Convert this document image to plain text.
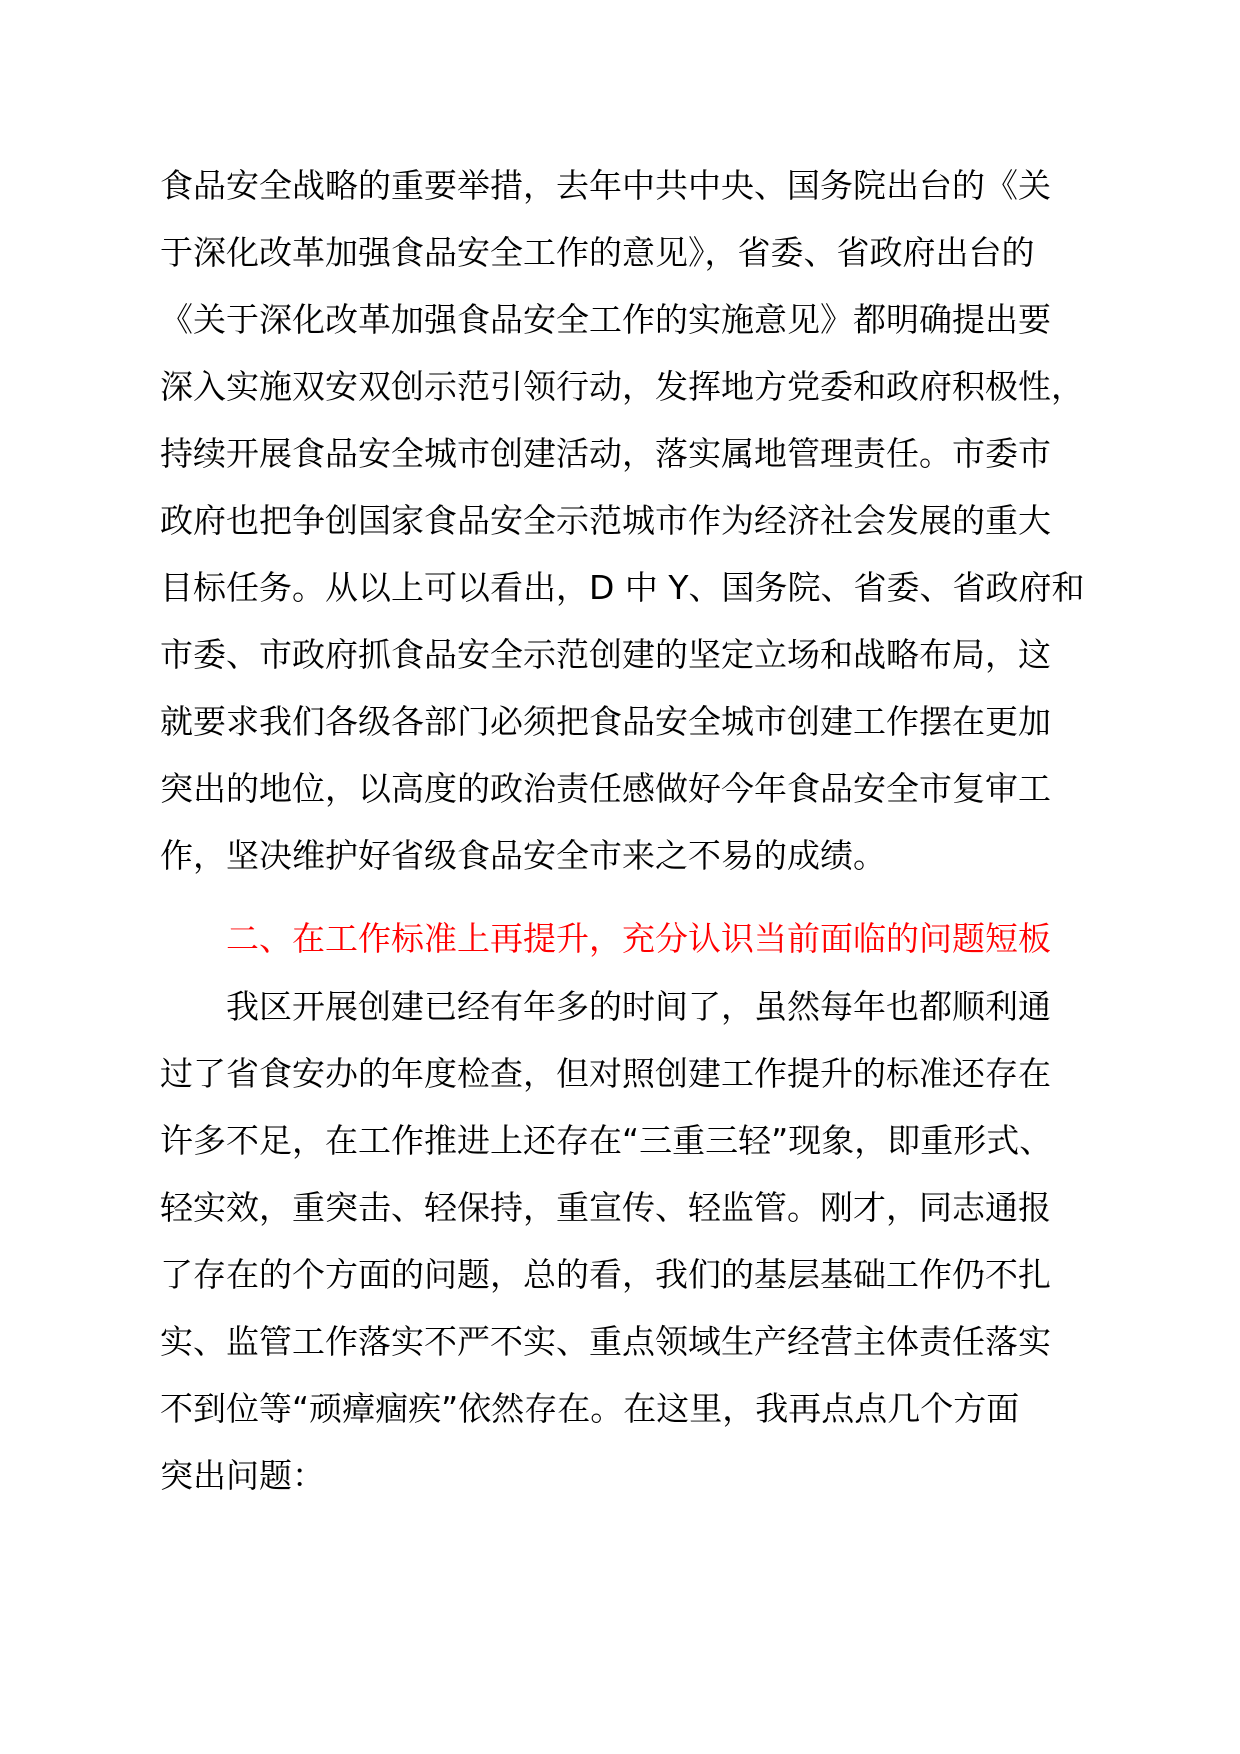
食品安全战略的重要举措，去年中共中央、国务院出台的《关

于深化改革加强食品安全工作的意见》，省委、省政府出台的

《关于深化改革加强食品安全工作的实施意见》都明确提出要

深入实施双安双创示范引领行动，发挥地方党委和政府积极性，

持续开展食品安全城市创建活动，落实属地管理责任。市委市

政府也把争创国家食品安全示范城市作为经济社会发展的重大

目标任务。从以上可以看出，D 中 Y、国务院、省委、省政府和

市委、市政府抓食品安全示范创建的坚定立场和战略布局，这

就要求我们各级各部门必须把食品安全城市创建工作摆在更加

突出的地位，以高度的政治责任感做好今年食品安全市复审工

作，坚决维护好省级食品安全市来之不易的成绩。

二、在工作标准上再提升，充分认识当前面临的问题短板

我区开展创建已经有年多的时间了，虽然每年也都顺利通

过了省食安办的年度检查，但对照创建工作提升的标准还存在

许多不足，在工作推进上还存在“三重三轻”现象，即重形式、

轻实效，重突击、轻保持，重宣传、轻监管。刚才，同志通报

了存在的个方面的问题，总的看，我们的基层基础工作仍不扎

实、监管工作落实不严不实、重点领域生产经营主体责任落实

不到位等“顽瘴痼疾”依然存在。在这里，我再点点几个方面

突出问题：
